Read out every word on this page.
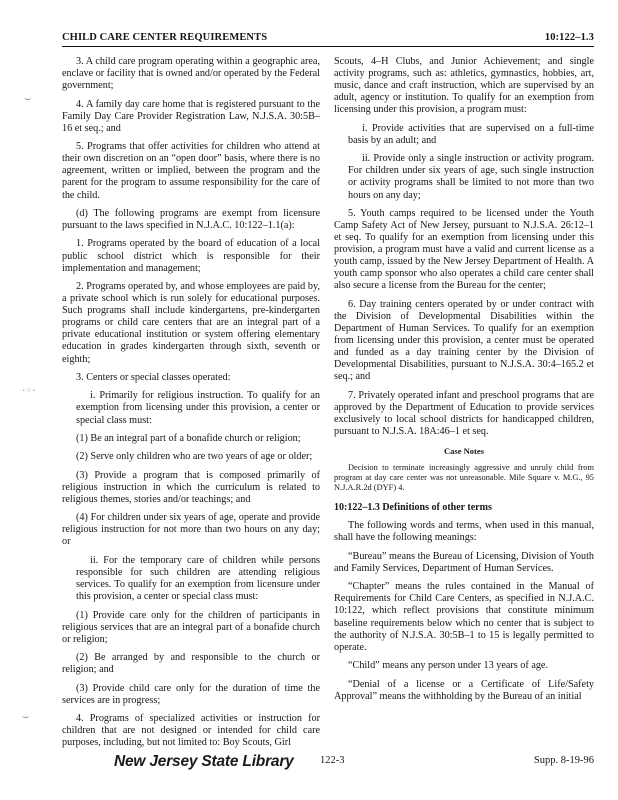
CHILD CARE CENTER REQUIREMENTS	10:122–1.3
⌣
·◦·
⌣

3. A child care program operating within a geographic area, enclave or facility that is owned and/or operated by the Federal government;

4. A family day care home that is registered pursuant to the Family Day Care Provider Registration Law, N.J.S.A. 30:5B–16 et seq.; and

5. Programs that offer activities for children who attend at their own discretion on an “open door” basis, where there is no agreement, written or implied, between the program and the parent for the program to assume responsibility for the care of the child.

(d) The following programs are exempt from licensure pursuant to the laws specified in N.J.A.C. 10:122–1.1(a):

1. Programs operated by the board of education of a local public school district which is responsible for their implementation and management;

2. Programs operated by, and whose employees are paid by, a private school which is run solely for educational purposes. Such programs shall include kindergartens, pre-kindergarten programs or child care centers that are an integral part of a private educational institution or system offering elementary education in grades kindergarten through sixth, seventh or eighth;

3. Centers or special classes operated:

i. Primarily for religious instruction. To qualify for an exemption from licensing under this provision, a center or special class must:

(1) Be an integral part of a bonafide church or religion;

(2) Serve only children who are two years of age or older;

(3) Provide a program that is composed primarily of religious instruction in which the curriculum is related to religious themes, stories and/or teachings; and

(4) For children under six years of age, operate and provide religious instruction for not more than two hours on any day; or

ii. For the temporary care of children while persons responsible for such children are attending religious services. To qualify for an exemption from licensure under this provision, a center or special class must:

(1) Provide care only for the children of participants in religious services that are an integral part of a bonafide church or religion;

(2) Be arranged by and responsible to the church or religion; and

(3) Provide child care only for the duration of time the services are in progress;

4. Programs of specialized activities or instruction for children that are not designed or intended for child care purposes, including, but not limited to: Boy Scouts, Girl

Scouts, 4–H Clubs, and Junior Achievement; and single activity programs, such as: athletics, gymnastics, hobbies, art, music, dance and craft instruction, which are supervised by an adult, agency or institution. To qualify for an exemption from licensing under this provision, a program must:

i. Provide activities that are supervised on a full-time basis by an adult; and

ii. Provide only a single instruction or activity program. For children under six years of age, such single instruction or activity programs shall be limited to not more than two hours on any day;

5. Youth camps required to be licensed under the Youth Camp Safety Act of New Jersey, pursuant to N.J.S.A. 26:12–1 et seq. To qualify for an exemption from licensing under this provision, a program must have a valid and current license as a youth camp, issued by the New Jersey Department of Health. A youth camp sponsor who also operates a child care center shall also secure a license from the Bureau for the center;

6. Day training centers operated by or under contract with the Division of Developmental Disabilities within the Department of Human Services. To qualify for an exemption from licensing under this provision, a center must be operated and funded as a day training center by the Division of Developmental Disabilities, pursuant to N.J.S.A. 30:4–165.2 et seq.; and

7. Privately operated infant and preschool programs that are approved by the Department of Education to provide services exclusively to local school districts for handicapped children, pursuant to N.J.S.A. 18A:46–1 et seq.

Case Notes

Decision to terminate increasingly aggressive and unruly child from program at day care center was not unreasonable. Mile Square v. M.G., 95 N.J.A.R.2d (DYF) 4.

10:122–1.3 Definitions of other terms

The following words and terms, when used in this manual, shall have the following meanings:

“Bureau” means the Bureau of Licensing, Division of Youth and Family Services, Department of Human Services.

“Chapter” means the rules contained in the Manual of Requirements for Child Care Centers, as specified in N.J.A.C. 10:122, which reflect provisions that constitute minimum baseline requirements below which no center that is subject to the authority of N.J.S.A. 30:5B–1 to 15 is legally permitted to operate.

“Child” means any person under 13 years of age.

“Denial of a license or a Certificate of Life/Safety Approval” means the withholding by the Bureau of an initial

New Jersey State Library	122-3	Supp. 8-19-96
